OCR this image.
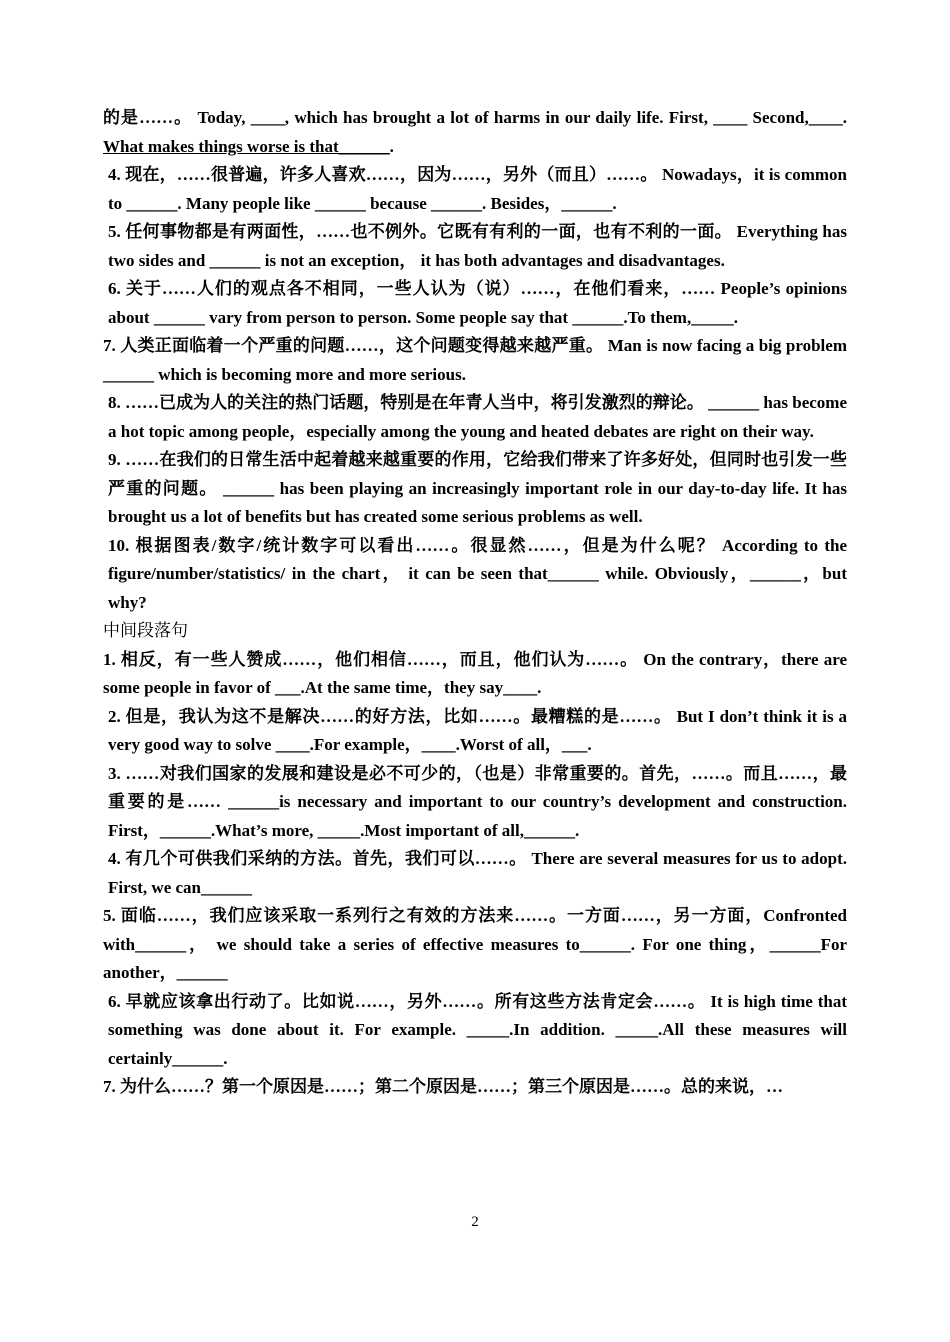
的是……。 Today, ____, which has brought a lot of harms in our daily life. First, ____ Second,____. What makes things worse is that______.

4. 现在，……很普遍，许多人喜欢……，因为……，另外（而且）……。 Nowadays，it is common to ______. Many people like ______ because ______. Besides，______.

5. 任何事物都是有两面性，……也不例外。它既有有利的一面，也有不利的一面。 Everything has two sides and ______ is not an exception， it has both advantages and disadvantages.

6. 关于……人们的观点各不相同，一些人认为（说）……，在他们看来，…… People’s opinions about ______ vary from person to person. Some people say that ______.To them,_____.

7. 人类正面临着一个严重的问题……，这个问题变得越来越严重。 Man is now facing a big problem ______ which is becoming more and more serious.

8. ……已成为人的关注的热门话题，特别是在年青人当中，将引发激烈的辩论。 ______ has become a hot topic among people，especially among the young and heated debates are right on their way.

9. ……在我们的日常生活中起着越来越重要的作用，它给我们带来了许多好处，但同时也引发一些严重的问题。 ______ has been playing an increasingly important role in our day-to-day life. It has brought us a lot of benefits but has created some serious problems as well.

10. 根据图表/数字/统计数字可以看出……。很显然……，但是为什么呢？ According to the figure/number/statistics/ in the chart， it can be seen that______ while. Obviously，______，but why?

中间段落句

1. 相反，有一些人赞成……，他们相信……，而且，他们认为……。 On the contrary，there are some people in favor of ___.At the same time，they say____.

2. 但是，我认为这不是解决……的好方法，比如……。最糟糕的是……。 But I don’t think it is a very good way to solve ____.For example，____.Worst of all，___.

3. ……对我们国家的发展和建设是必不可少的，（也是）非常重要的。首先，……。而且……，最重要的是…… ______is necessary and important to our country’s development and construction. First，______.What’s more, _____.Most important of all,______.

4. 有几个可供我们采纳的方法。首先，我们可以……。 There are several measures for us to adopt. First, we can______

5. 面临……，我们应该采取一系列行之有效的方法来……。一方面……，另一方面，Confronted with______， we should take a series of effective measures to______. For one thing，______For another，______

6. 早就应该拿出行动了。比如说……，另外……。所有这些方法肯定会……。 It is high time that something was done about it. For example. _____.In addition. _____.All these measures will certainly______.

7. 为什么……？第一个原因是……；第二个原因是……；第三个原因是……。总的来说，…

2
